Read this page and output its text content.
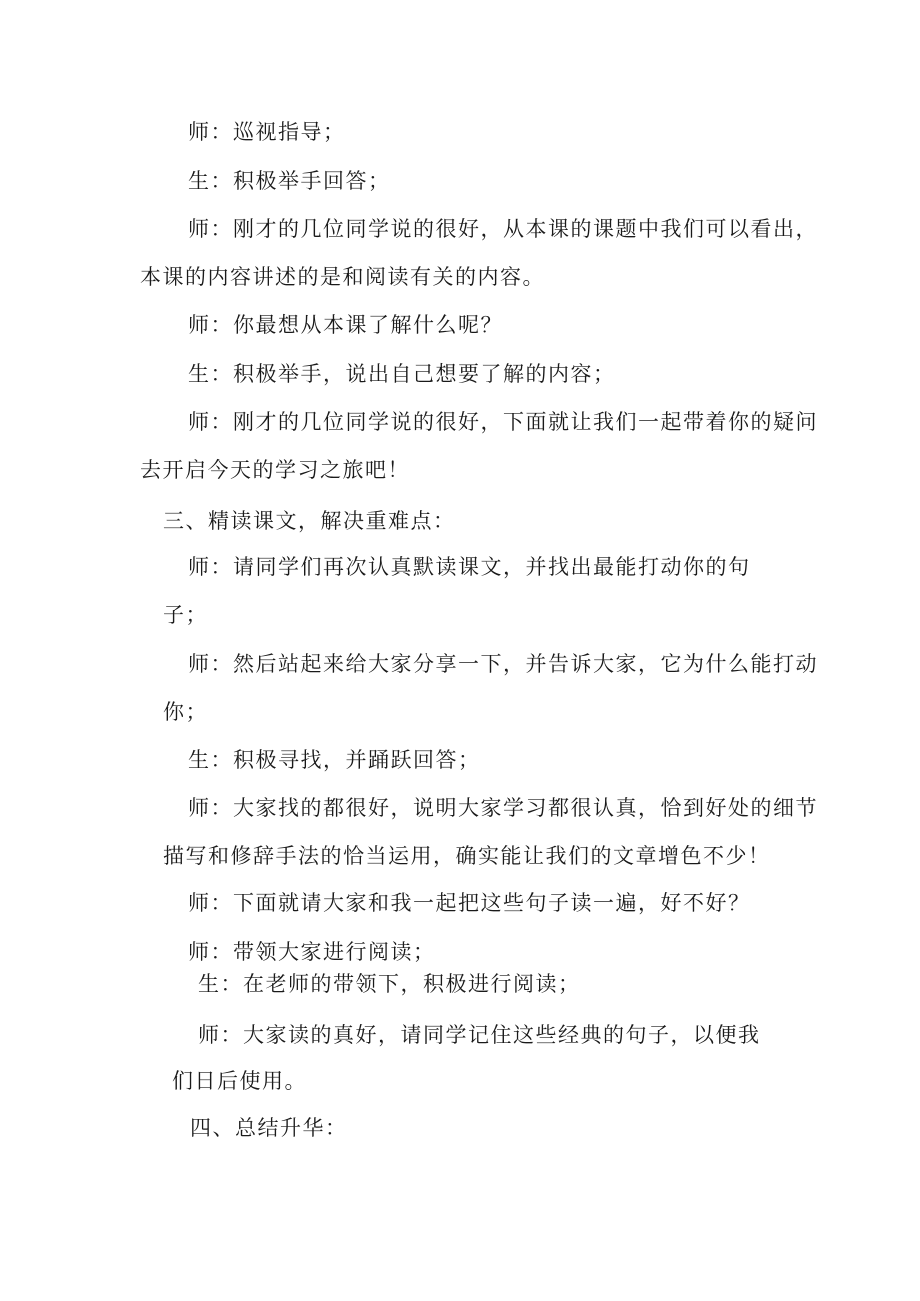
师：巡视指导；
生：积极举手回答；
师：刚才的几位同学说的很好，从本课的课题中我们可以看出，
本课的内容讲述的是和阅读有关的内容。
师：你最想从本课了解什么呢？
生：积极举手，说出自己想要了解的内容；
师：刚才的几位同学说的很好，下面就让我们一起带着你的疑问
去开启今天的学习之旅吧！
三、精读课文，解决重难点：
师：请同学们再次认真默读课文，并找出最能打动你的句
子；
师：然后站起来给大家分享一下，并告诉大家，它为什么能打动
你；
生：积极寻找，并踊跃回答；
师：大家找的都很好，说明大家学习都很认真，恰到好处的细节
描写和修辞手法的恰当运用，确实能让我们的文章增色不少！
师：下面就请大家和我一起把这些句子读一遍，好不好？
师：带领大家进行阅读；
生：在老师的带领下，积极进行阅读；
师：大家读的真好，请同学记住这些经典的句子，以便我
们日后使用。
四、总结升华：
